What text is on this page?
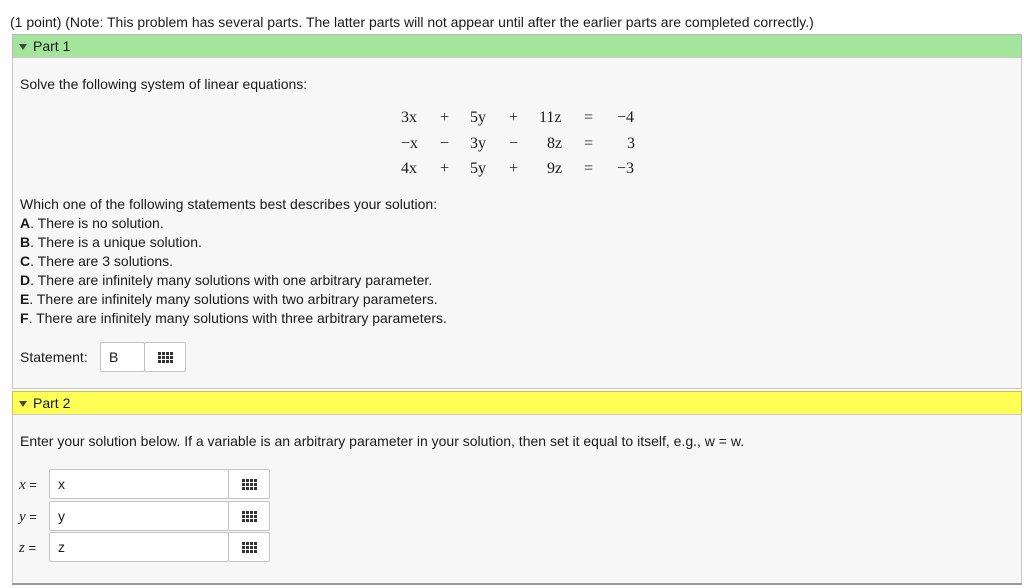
(1 point) (Note: This problem has several parts. The latter parts will not appear until after the earlier parts are completed correctly.)
Part 1
Solve the following system of linear equations:
3x + 5y + 11z = −4
−x − 3y − 8z = 3
4x + 5y + 9z = −3
Which one of the following statements best describes your solution:
A. There is no solution.
B. There is a unique solution.
C. There are 3 solutions.
D. There are infinitely many solutions with one arbitrary parameter.
E. There are infinitely many solutions with two arbitrary parameters.
F. There are infinitely many solutions with three arbitrary parameters.
Statement: B
Part 2
Enter your solution below. If a variable is an arbitrary parameter in your solution, then set it equal to itself, e.g., w = w.
x = x
y = y
z = z
